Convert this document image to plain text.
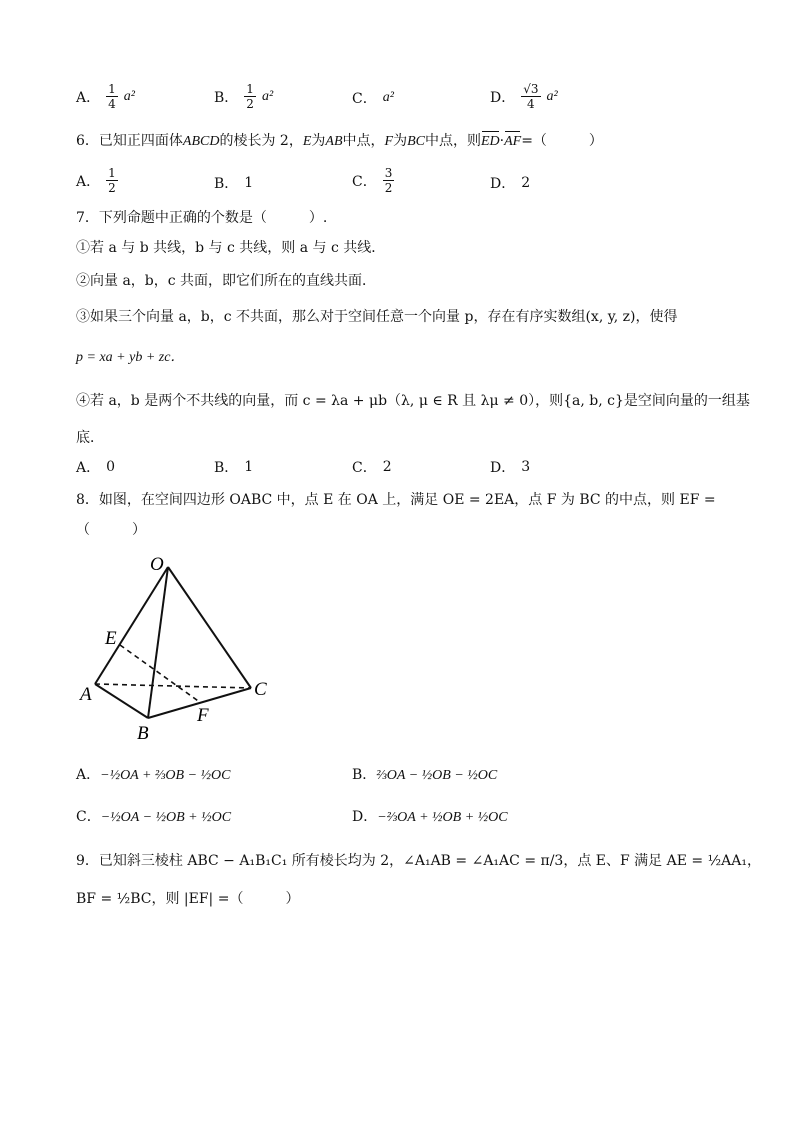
A． $\frac{1}{4} a^2$	B． $\frac{1}{2} a^2$	C． a²	D． $\frac{√3}{4} a^2$
6．已知正四面体ABCD的棱长为 2，E为AB中点，F为BC中点，则ED·AF=（　　　）
A． $\frac{1}{2}$	B． 1	C． $\frac{3}{2}$	D． 2
7．下列命题中正确的个数是（　　　）.
①若 a 与 b 共线，b 与 c 共线，则 a 与 c 共线．
②向量 a，b，c 共面，即它们所在的直线共面．
③如果三个向量 a，b，c 不共面，那么对于空间任意一个向量 p，存在有序实数组(x, y, z)，使得
p = xa + yb + zc．
④若 a，b 是两个不共线的向量，而 c = λa + μb（λ, μ ∈ R 且 λμ ≠ 0），则{a, b, c}是空间向量的一组基
底．
A． 0	B． 1	C． 2	D． 3
8．如图，在空间四边形 OABC 中，点 E 在 OA 上，满足 OE = 2EA，点 F 为 BC 的中点，则 EF =
（　　　）
O
E
A
B
C
F
A．−½OA + ⅔OB − ½OC	B．⅔OA − ½OB − ½OC
C．−½OA − ½OB + ½OC	D．−⅔OA + ½OB + ½OC
9．已知斜三棱柱 ABC − A₁B₁C₁ 所有棱长均为 2，∠A₁AB = ∠A₁AC = π/3，点 E、F 满足 AE = ½AA₁，
BF = ½BC，则 |EF| =（　　　）
